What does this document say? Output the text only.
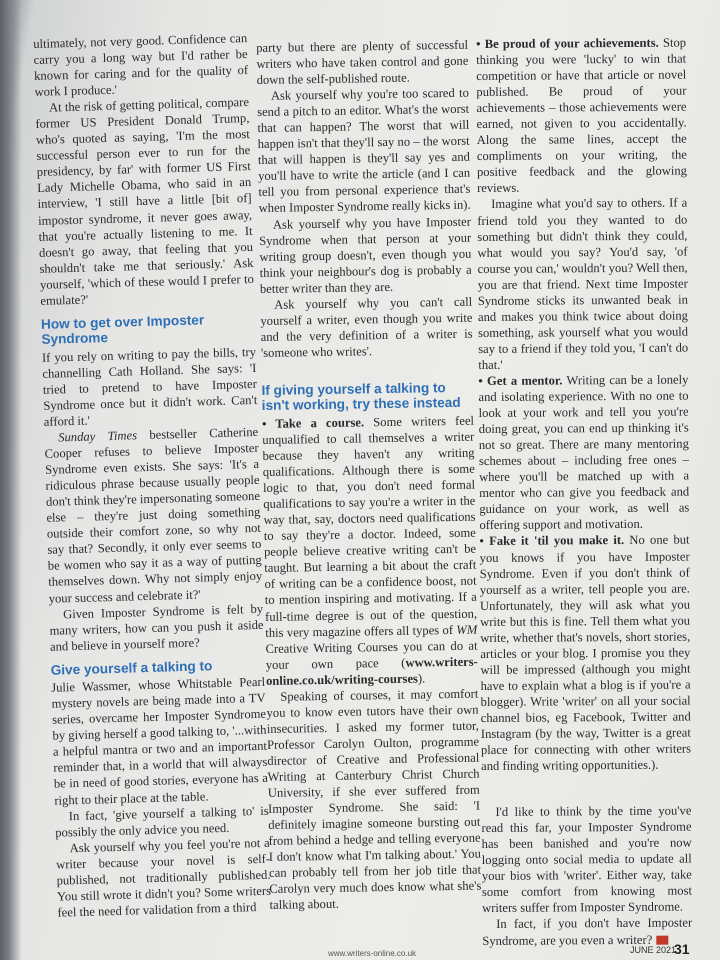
ultimately, not very good. Confidence can carry you a long way but I'd rather be known for caring and for the quality of work I produce.'

At the risk of getting political, compare former US President Donald Trump, who's quoted as saying, 'I'm the most successful person ever to run for the presidency, by far' with former US First Lady Michelle Obama, who said in an interview, 'I still have a little [bit of] impostor syndrome, it never goes away, that you're actually listening to me. It doesn't go away, that feeling that you shouldn't take me that seriously.' Ask yourself, 'which of these would I prefer to emulate?'

How to get over Imposter Syndrome

If you rely on writing to pay the bills, try channelling Cath Holland. She says: 'I tried to pretend to have Imposter Syndrome once but it didn't work. Can't afford it.'

Sunday Times bestseller Catherine Cooper refuses to believe Imposter Syndrome even exists. She says: 'It's a ridiculous phrase because usually people don't think they're impersonating someone else – they're just doing something outside their comfort zone, so why not say that? Secondly, it only ever seems to be women who say it as a way of putting themselves down. Why not simply enjoy your success and celebrate it?'

Given Imposter Syndrome is felt by many writers, how can you push it aside and believe in yourself more?

Give yourself a talking to

Julie Wassmer, whose Whitstable Pearl mystery novels are being made into a TV series, overcame her Imposter Syndrome by giving herself a good talking to, '...with a helpful mantra or two and an important reminder that, in a world that will always be in need of good stories, everyone has a right to their place at the table.

In fact, 'give yourself a talking to' is possibly the only advice you need.

Ask yourself why you feel you're not a writer because your novel is self-published, not traditionally published. You still wrote it didn't you? Some writers feel the need for validation from a third

party but there are plenty of successful writers who have taken control and gone down the self-published route.

Ask yourself why you're too scared to send a pitch to an editor. What's the worst that can happen? The worst that will happen isn't that they'll say no – the worst that will happen is they'll say yes and you'll have to write the article (and I can tell you from personal experience that's when Imposter Syndrome really kicks in).

Ask yourself why you have Imposter Syndrome when that person at your writing group doesn't, even though you think your neighbour's dog is probably a better writer than they are.

Ask yourself why you can't call yourself a writer, even though you write and the very definition of a writer is 'someone who writes'.

If giving yourself a talking to isn't working, try these instead

• Take a course. Some writers feel unqualified to call themselves a writer because they haven't any writing qualifications. Although there is some logic to that, you don't need formal qualifications to say you're a writer in the way that, say, doctors need qualifications to say they're a doctor. Indeed, some people believe creative writing can't be taught. But learning a bit about the craft of writing can be a confidence boost, not to mention inspiring and motivating. If a full-time degree is out of the question, this very magazine offers all types of WM Creative Writing Courses you can do at your own pace (www.writers-online.co.uk/writing-courses).

Speaking of courses, it may comfort you to know even tutors have their own insecurities. I asked my former tutor, Professor Carolyn Oulton, programme director of Creative and Professional Writing at Canterbury Christ Church University, if she ever suffered from Imposter Syndrome. She said: 'I definitely imagine someone bursting out from behind a hedge and telling everyone I don't know what I'm talking about.' You can probably tell from her job title that Carolyn very much does know what she's talking about.

• Be proud of your achievements. Stop thinking you were 'lucky' to win that competition or have that article or novel published. Be proud of your achievements – those achievements were earned, not given to you accidentally. Along the same lines, accept the compliments on your writing, the positive feedback and the glowing reviews.

Imagine what you'd say to others. If a friend told you they wanted to do something but didn't think they could, what would you say? You'd say, 'of course you can,' wouldn't you? Well then, you are that friend. Next time Imposter Syndrome sticks its unwanted beak in and makes you think twice about doing something, ask yourself what you would say to a friend if they told you, 'I can't do that.'

• Get a mentor. Writing can be a lonely and isolating experience. With no one to look at your work and tell you you're doing great, you can end up thinking it's not so great. There are many mentoring schemes about – including free ones – where you'll be matched up with a mentor who can give you feedback and guidance on your work, as well as offering support and motivation.

• Fake it 'til you make it. No one but you knows if you have Imposter Syndrome. Even if you don't think of yourself as a writer, tell people you are. Unfortunately, they will ask what you write but this is fine. Tell them what you write, whether that's novels, short stories, articles or your blog. I promise you they will be impressed (although you might have to explain what a blog is if you're a blogger). Write 'writer' on all your social channel bios, eg Facebook, Twitter and Instagram (by the way, Twitter is a great place for connecting with other writers and finding writing opportunities.).

I'd like to think by the time you've read this far, your Imposter Syndrome has been banished and you're now logging onto social media to update all your bios with 'writer'. Either way, take some comfort from knowing most writers suffer from Imposter Syndrome.

In fact, if you don't have Imposter Syndrome, are you even a writer?

www.writers-online.co.uk	JUNE 2021
31
